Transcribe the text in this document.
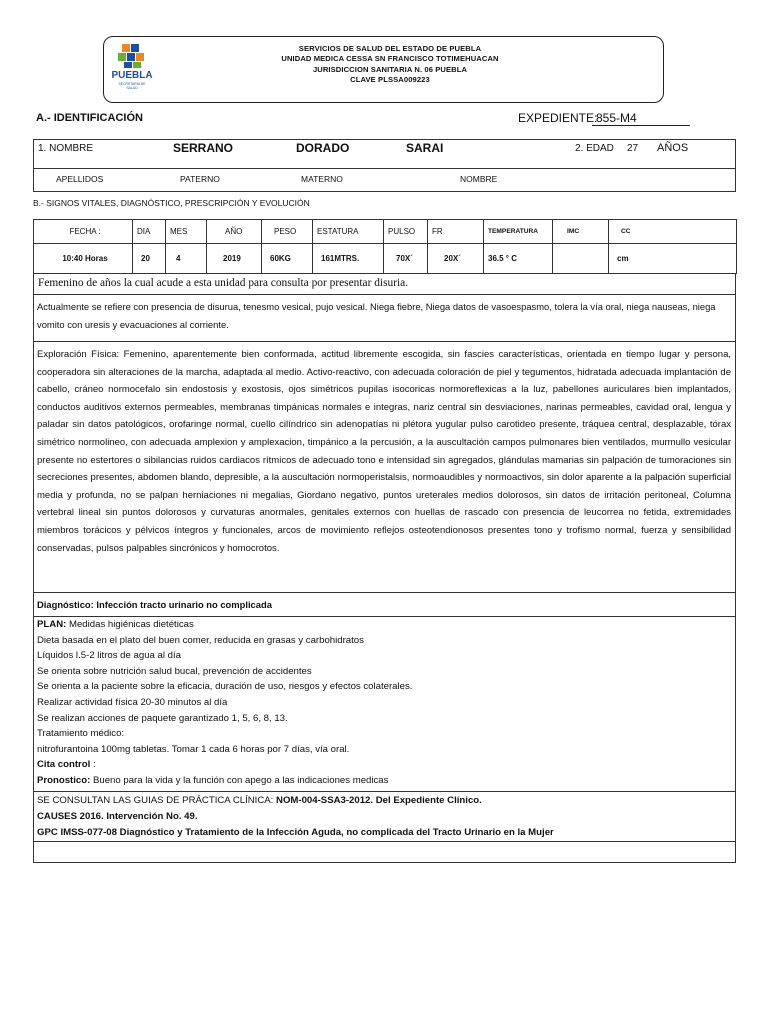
PUEBLA
SECRETARÍA DE
SALUD
SERVICIOS DE SALUD DEL ESTADO DE PUEBLA
UNIDAD MEDICA CESSA SN FRANCISCO TOTIMEHUACAN
JURISDICCION SANITARIA N. 06 PUEBLA
CLAVE PLSSA009223
A.- IDENTIFICACIÓN	EXPEDIENTE:
855-M4
1. NOMBRE	SERRANO	DORADO	SARAI	2. EDAD 27 AÑOS
APELLIDOS	PATERNO	MATERNO	NOMBRE
B.- SIGNOS VITALES, DIAGNÓSTICO, PRESCRIPCIÓN Y EVOLUCIÓN
FECHA :	DIA	MES	AÑO	PESO	ESTATURA	PULSO	FR	TEMPERATURA	IMC	CC
10:40 Horas	20	4	2019	60KG	161MTRS.	70X´	20X´	36.5 ° C		cm
Femenino de años la cual acude a esta unidad para consulta por presentar disuria.
Actualmente se refiere con presencia de disurua, tenesmo vesical, pujo vesical. Niega fiebre, Niega datos de vasoespasmo, tolera la vía oral, niega nauseas, niega vomito con uresis y evacuaciones al corriente.
Exploración Física: Femenino, aparentemente bien conformada, actitud libremente escogida, sin fascies características, orientada en tiempo lugar y persona, cooperadora sin alteraciones de la marcha, adaptada al medio. Activo-reactivo, con adecuada coloración de piel y tegumentos, hidratada adecuada implantación de cabello, cráneo normocefalo sin endostosis y exostosis, ojos simétricos pupilas isocoricas normoreflexicas a la luz, pabellones auriculares bien implantados, conductos auditivos externos permeables, membranas timpánicas normales e integras, nariz central sin desviaciones, narinas permeables, cavidad oral, lengua y paladar sin datos patológicos, orofaringe normal, cuello cilíndrico sin adenopatías ni plétora yugular pulso carotideo presente, tráquea central, desplazable, tórax simétrico normolineo, con adecuada amplexion y amplexacion, timpánico a la percusión, a la auscultación campos pulmonares bien ventilados, murmullo vesicular presente no estertores o sibilancias ruidos cardiacos rítmicos de adecuado tono e intensidad sin agregados, glándulas mamarias sin palpación de tumoraciones sin secreciones presentes, abdomen blando, depresible, a la auscultación normoperistalsis, normoaudibles y normoactivos, sin dolor aparente a la palpación superficial media y profunda, no se palpan herniaciones ni megalias, Giordano negativo, puntos ureterales medios dolorosos, sin datos de irritación peritoneal, Columna vertebral lineal sin puntos dolorosos y curvaturas anormales, genitales externos con huellas de rascado con presencia de leucorrea no fetida, extremidades miembros torácicos y pélvicos íntegros y funcionales, arcos de movimiento reflejos osteotendionosos presentes tono y trofismo normal, fuerza y sensibilidad conservadas, pulsos palpables sincrónicos y homocrotos.
Diagnóstico: Infección tracto urinario no complicada
PLAN: Medidas higiénicas dietéticas
Dieta basada en el plato del buen comer, reducida en grasas y carbohidratos
Líquidos l.5-2 litros de agua al día
Se orienta sobre nutrición salud bucal, prevención de accidentes
Se orienta a la paciente sobre la eficacia, duración de uso, riesgos y efectos colaterales.
Realizar actividad física 20-30 minutos al día
Se realizan acciones de paquete garantizado 1, 5, 6, 8, 13.
Tratamiento médico:
nitrofurantoina 100mg tabletas. Tomar 1 cada 6 horas por 7 días, vía oral.
Cita control :
Pronostico: Bueno para la vida y la función con apego a las indicaciones medicas
SE CONSULTAN LAS GUIAS DE PRÁCTICA CLÍNICA: NOM-004-SSA3-2012. Del Expediente Clínico.
CAUSES 2016. Intervención No. 49.
GPC IMSS-077-08 Diagnóstico y Tratamiento de la Infección Aguda, no complicada del Tracto Urinario en la Mujer
